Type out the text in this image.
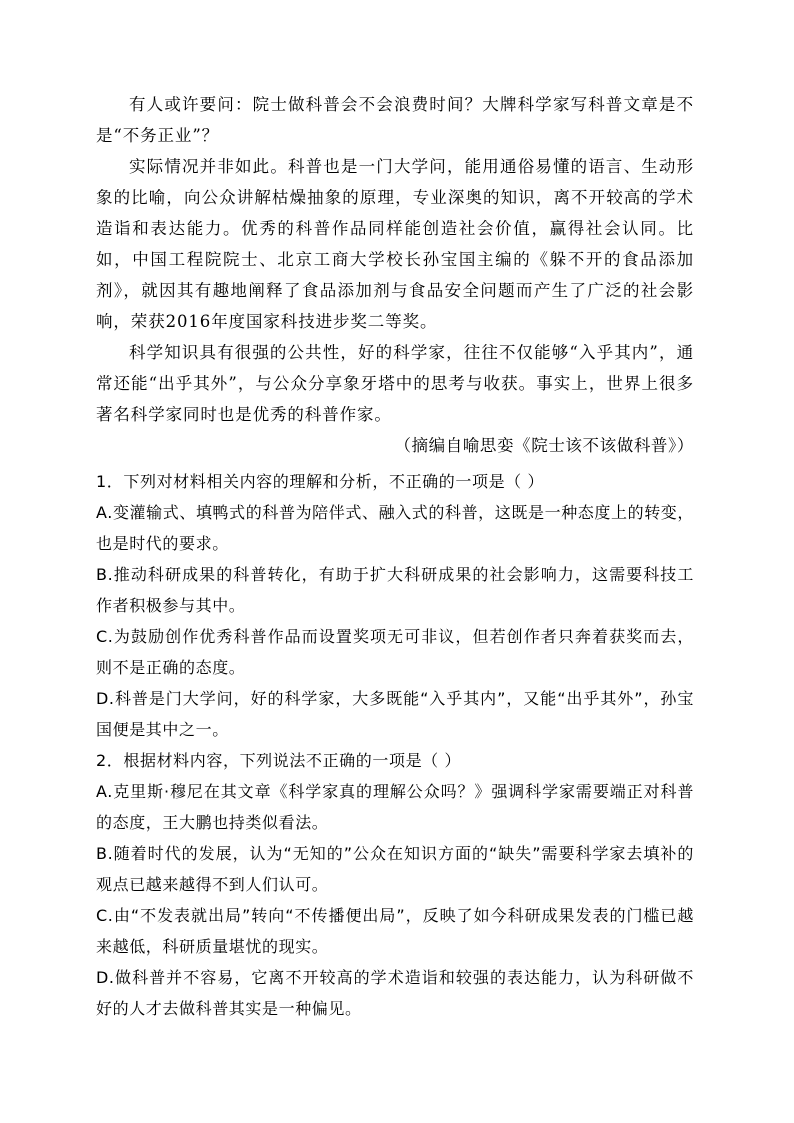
有人或许要问：院士做科普会不会浪费时间？大牌科学家写科普文章是不是“不务正业”？

实际情况并非如此。科普也是一门大学问，能用通俗易懂的语言、生动形象的比喻，向公众讲解枯燥抽象的原理，专业深奥的知识，离不开较高的学术造诣和表达能力。优秀的科普作品同样能创造社会价值，赢得社会认同。比如，中国工程院院士、北京工商大学校长孙宝国主编的《躲不开的食品添加剂》，就因其有趣地阐释了食品添加剂与食品安全问题而产生了广泛的社会影响，荣获2016年度国家科技进步奖二等奖。

科学知识具有很强的公共性，好的科学家，往往不仅能够“入乎其内”，通常还能“出乎其外”，与公众分享象牙塔中的思考与收获。事实上，世界上很多著名科学家同时也是优秀的科普作家。

（摘编自喻思娈《院士该不该做科普》）

1．下列对材料相关内容的理解和分析，不正确的一项是（ ）

A.变灌输式、填鸭式的科普为陪伴式、融入式的科普，这既是一种态度上的转变，也是时代的要求。

B.推动科研成果的科普转化，有助于扩大科研成果的社会影响力，这需要科技工作者积极参与其中。

C.为鼓励创作优秀科普作品而设置奖项无可非议，但若创作者只奔着获奖而去，则不是正确的态度。

D.科普是门大学问，好的科学家，大多既能“入乎其内”，又能“出乎其外”，孙宝国便是其中之一。

2．根据材料内容，下列说法不正确的一项是（ ）

A.克里斯·穆尼在其文章《科学家真的理解公众吗？》强调科学家需要端正对科普的态度，王大鹏也持类似看法。

B.随着时代的发展，认为“无知的”公众在知识方面的“缺失”需要科学家去填补的观点已越来越得不到人们认可。

C.由“不发表就出局”转向“不传播便出局”，反映了如今科研成果发表的门槛已越来越低，科研质量堪忧的现实。

D.做科普并不容易，它离不开较高的学术造诣和较强的表达能力，认为科研做不好的人才去做科普其实是一种偏见。
